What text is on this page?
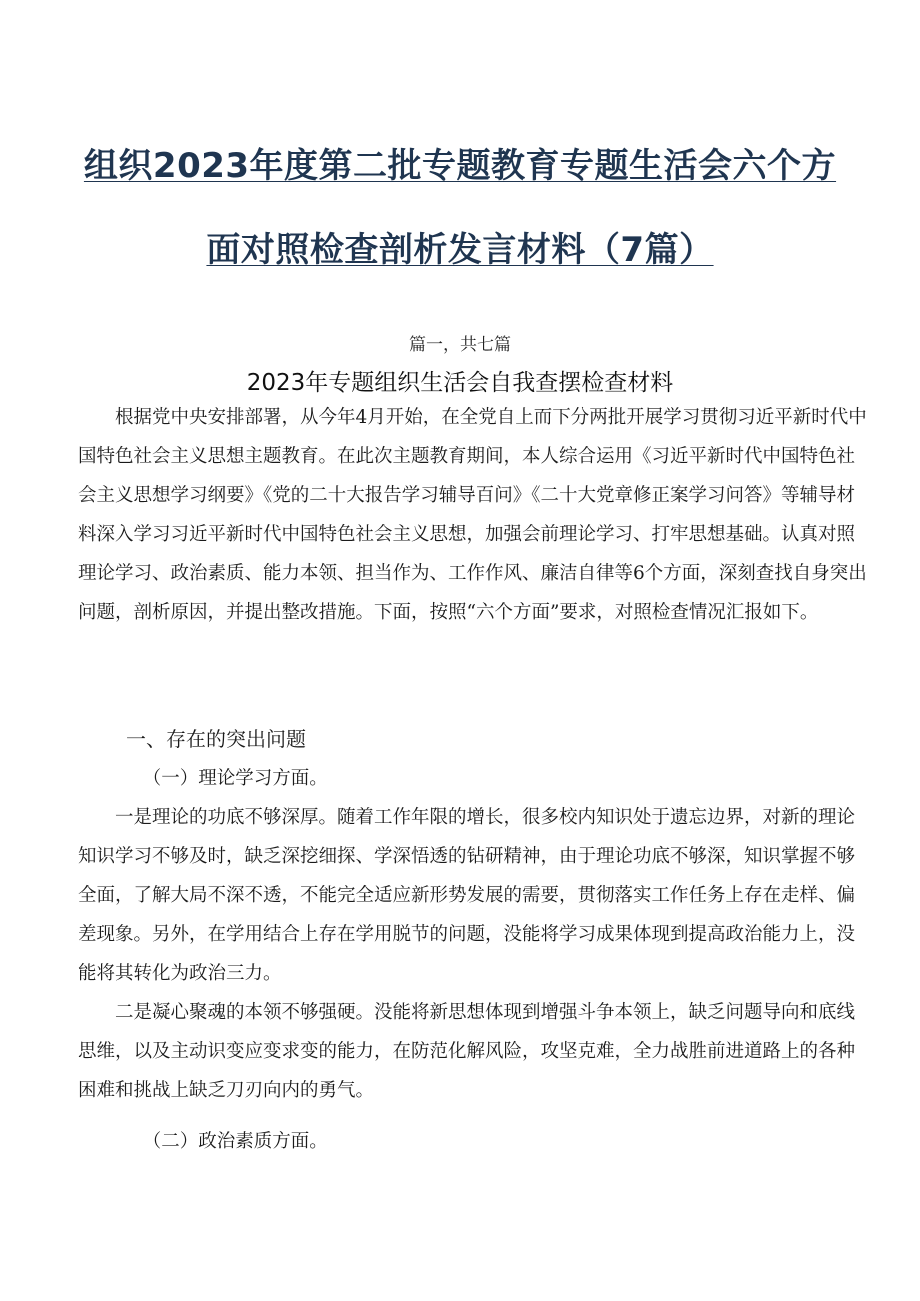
组织2023年度第二批专题教育专题生活会六个方
面对照检查剖析发言材料（7篇）
篇一，共七篇
2023年专题组织生活会自我查摆检查材料

根据党中央安排部署，从今年4月开始，在全党自上而下分两批开展学习贯彻习近平新时代中国特色社会主义思想主题教育。在此次主题教育期间，本人综合运用《习近平新时代中国特色社会主义思想学习纲要》《党的二十大报告学习辅导百问》《二十大党章修正案学习问答》等辅导材料深入学习习近平新时代中国特色社会主义思想，加强会前理论学习、打牢思想基础。认真对照理论学习、政治素质、能力本领、担当作为、工作作风、廉洁自律等6个方面，深刻查找自身突出问题，剖析原因，并提出整改措施。下面，按照“六个方面”要求，对照检查情况汇报如下。

一、存在的突出问题

（一）理论学习方面。

一是理论的功底不够深厚。随着工作年限的增长，很多校内知识处于遗忘边界，对新的理论知识学习不够及时，缺乏深挖细探、学深悟透的钻研精神，由于理论功底不够深，知识掌握不够全面，了解大局不深不透，不能完全适应新形势发展的需要，贯彻落实工作任务上存在走样、偏差现象。另外，在学用结合上存在学用脱节的问题，没能将学习成果体现到提高政治能力上，没能将其转化为政治三力。

二是凝心聚魂的本领不够强硬。没能将新思想体现到增强斗争本领上，缺乏问题导向和底线思维，以及主动识变应变求变的能力，在防范化解风险，攻坚克难，全力战胜前进道路上的各种困难和挑战上缺乏刀刃向内的勇气。

（二）政治素质方面。
